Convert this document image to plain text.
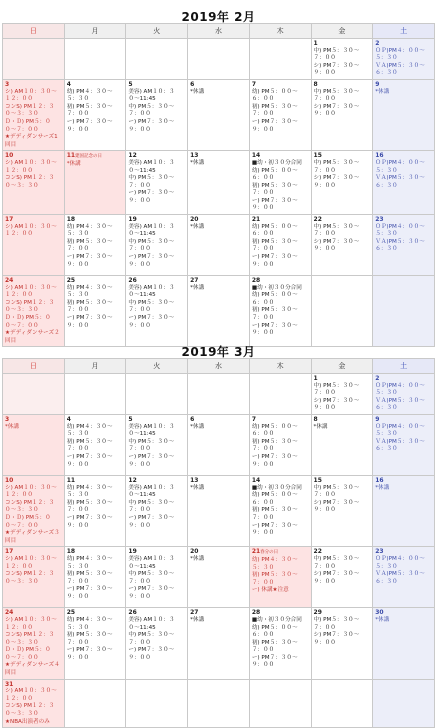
2019年 2月
日	月	火	水	木	金	土

					1
中) PM５：３０〜７：００
シ) PM７：３０〜９：００	2
ＯＰ)PM４：００〜５：３０
ＶＡ)PM５：３０〜６：３０

3
シ) AM１０：３０〜１２：００
コンS) PM１２：３０〜３：３０
Ｄ・Ｄ) PM５：００〜７：００
★デディダンサーズ1回目	4
幼) PM４：３０〜５：３０
初) PM５：３０〜７：００
ー) PM７：３０〜９：００	5
美容) AM１０：３０〜11:45
中) PM５：３０〜７：００
ー) PM７：３０〜９：００	6
*休講	7
幼) PM５：００〜６：００
初) PM５：３０〜７：００
ー) PM７：３０〜９：００	8
中) PM５：３０〜７：００
シ) PM７：３０〜９：００	9
*休講

10
シ) AM１０：３０〜１２：００
コンS) PM１２：３０〜３：３０	11建国記念の日

*休講	12
美容) AM１０：３０〜11:45
中) PM５：３０〜７：００
ー) PM７：３０〜９：００	13
*休講	14
■幼・初３０分合同
幼) PM５：００〜６：００
初) PM５：３０〜７：００
ー) PM７：３０〜９：００	15
中) PM５：３０〜７：００
シ) PM７：３０〜９：００	16
ＯＰ)PM４：００〜５：３０
ＶＡ)PM５：３０〜６：３０

17
シ) AM１０：３０〜１２：００	18
幼) PM４：３０〜５：３０
初) PM５：３０〜７：００
ー) PM７：３０〜９：００	19
美容) AM１０：３０〜11:45
中) PM５：３０〜７：００
ー) PM７：３０〜９：００	20
*休講	21
幼) PM５：００〜６：００
初) PM５：３０〜７：００
ー) PM７：３０〜９：００	22
中) PM５：３０〜７：００
シ) PM７：３０〜９：００	23
ＯＰ)PM４：００〜５：３０
ＶＡ)PM５：３０〜６：３０

24
シ) AM１０：３０〜１２：００
コンS) PM１２：３０〜３：３０
Ｄ・Ｄ) PM５：００〜７：００
★デディダンサーズ２回目	25
幼) PM４：３０〜５：３０
初) PM５：３０〜７：００
ー) PM７：３０〜９：００	26
美容) AM１０：３０〜11:45
中) PM５：３０〜７：００
ー) PM７：３０〜９：００	27
*休講	28
■幼・初３０分合同
幼) PM５：００〜６：００
初) PM５：３０〜７：００
ー) PM７：３０〜９：００		

2019年 3月
日	月	火	水	木	金	土

					1
中) PM５：３０〜７：００
シ) PM７：３０〜９：００	2
ＯＰ)PM４：００〜５：３０
ＶＡ)PM５：３０〜６：３０

3
*休講	4
幼) PM４：３０〜５：３０
初) PM５：３０〜７：００
ー) PM７：３０〜９：００	5
美容) AM１０：３０〜11:45
中) PM５：３０〜７：００
ー) PM７：３０〜９：００	6
*休講	7
幼) PM５：００〜６：００
初) PM５：３０〜７：００
ー) PM７：３０〜９：００	8
*休講	9
ＯＰ)PM４：００〜５：３０
ＶＡ)PM５：３０〜６：３０

10
シ) AM１０：３０〜１２：００
コンS) PM１２：３０〜３：３０
Ｄ・Ｄ) PM５：００〜７：００
★デディダンサーズ３回目	11
幼) PM４：３０〜５：３０
初) PM５：３０〜７：００
ー) PM７：３０〜９：００	12
美容) AM１０：３０〜11:45
中) PM５：３０〜７：００
ー) PM７：３０〜９：００	13
*休講	14
■幼・初３０分合同
幼) PM５：００〜６：００
初) PM５：３０〜７：００
ー) PM７：３０〜９：００	15
中) PM５：３０〜７：００
シ) PM７：３０〜９：００	16
*休講

17
シ) AM１０：３０〜１２：００
コンS) PM１２：３０〜３：３０	18
幼) PM４：３０〜５：３０
初) PM５：３０〜７：００
ー) PM７：３０〜９：００	19
美容) AM１０：３０〜11:45
中) PM５：３０〜７：００
ー) PM７：３０〜９：００	20
*休講	21春分の日

幼) PM４：３０〜５：３０
初) PM５：３０〜７：００
ー) 休講★注意	22
中) PM５：３０〜７：００
シ) PM７：３０〜９：００	23
ＯＰ)PM４：００〜５：３０
ＶＡ)PM５：３０〜６：３０

24
シ) AM１０：３０〜１２：００
コンS) PM１２：３０〜３：３０
Ｄ・Ｄ) PM５：００〜７：００
★デディダンサーズ４回目	25
幼) PM４：３０〜５：３０
初) PM５：３０〜７：００
ー) PM７：３０〜９：００	26
美容) AM１０：３０〜11:45
中) PM５：３０〜７：００
ー) PM７：３０〜９：００	27
*休講	28
■幼・初３０分合同
幼) PM５：００〜６：００
初) PM５：３０〜７：００
ー) PM７：３０〜９：００	29
中) PM５：３０〜７：００
シ) PM７：３０〜９：００	30
*休講

31
シ) AM１０：３０〜１２：００
コンS) PM１２：３０〜３：３０
★NBA出演者のみ						
